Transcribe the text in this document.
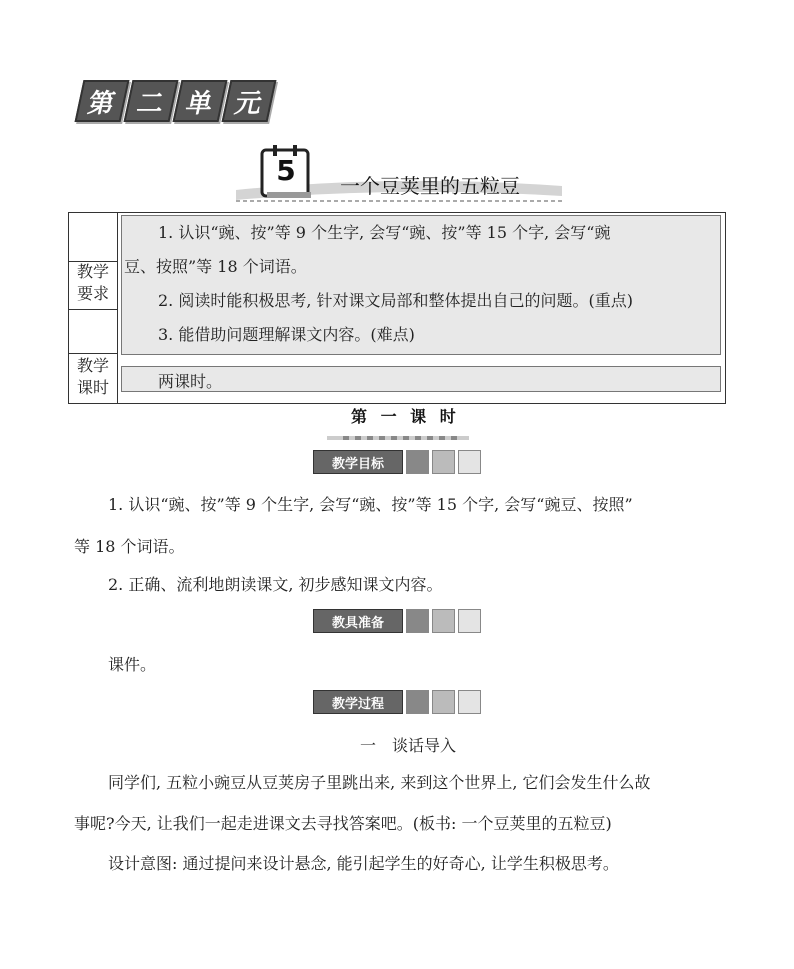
第 二 单 元
5	一个豆荚里的五粒豆
教学
要求
教学
课时
1. 认识“豌、按”等 9 个生字, 会写“豌、按”等 15 个字, 会写“豌
豆、按照”等 18 个词语。
2. 阅读时能积极思考, 针对课文局部和整体提出自己的问题。(重点)
3. 能借助问题理解课文内容。(难点)
两课时。
第 一 课 时
教学目标
1. 认识“豌、按”等 9 个生字, 会写“豌、按”等 15 个字, 会写“豌豆、按照”
等 18 个词语。
2. 正确、流利地朗读课文, 初步感知课文内容。
教具准备
课件。
教学过程
一　谈话导入
同学们, 五粒小豌豆从豆荚房子里跳出来, 来到这个世界上, 它们会发生什么故
事呢?今天, 让我们一起走进课文去寻找答案吧。(板书: 一个豆荚里的五粒豆)
设计意图: 通过提问来设计悬念, 能引起学生的好奇心, 让学生积极思考。
